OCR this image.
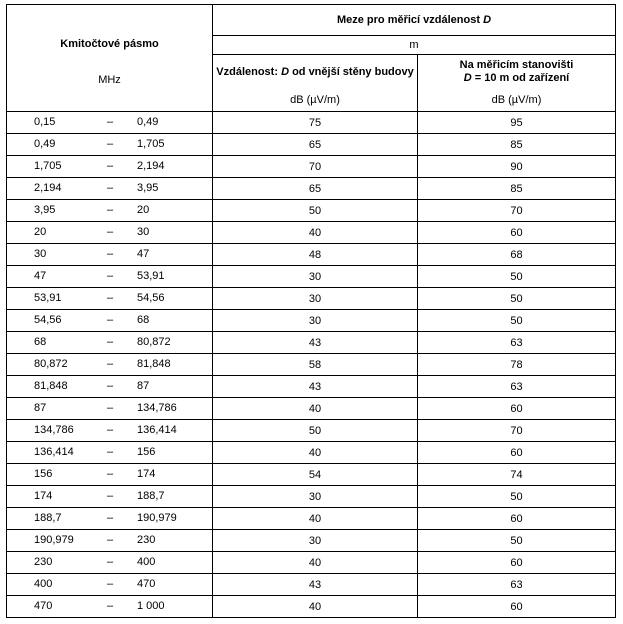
Kmitočtové pásmo
MHz	Meze pro měřicí vzdálenost D	
	m	
	Vzdálenost: D od vnější stěny budovy	Na měřicím stanovišti
D = 10 m od zařízení
	dB (µV/m)	dB (µV/m)

0,15 – 0,49	75	95

0,49 – 1,705	65	85

1,705 – 2,194	70	90

2,194 – 3,95	65	85

3,95 – 20	50	70

20 – 30	40	60

30 – 47	48	68

47 – 53,91	30	50

53,91 – 54,56	30	50

54,56 – 68	30	50

68 – 80,872	43	63

80,872 – 81,848	58	78

81,848 – 87	43	63

87 – 134,786	40	60

134,786 – 136,414	50	70

136,414 – 156	40	60

156 – 174	54	74

174 – 188,7	30	50

188,7 – 190,979	40	60

190,979 – 230	30	50

230 – 400	40	60

400 – 470	43	63

470 – 1 000	40	60
